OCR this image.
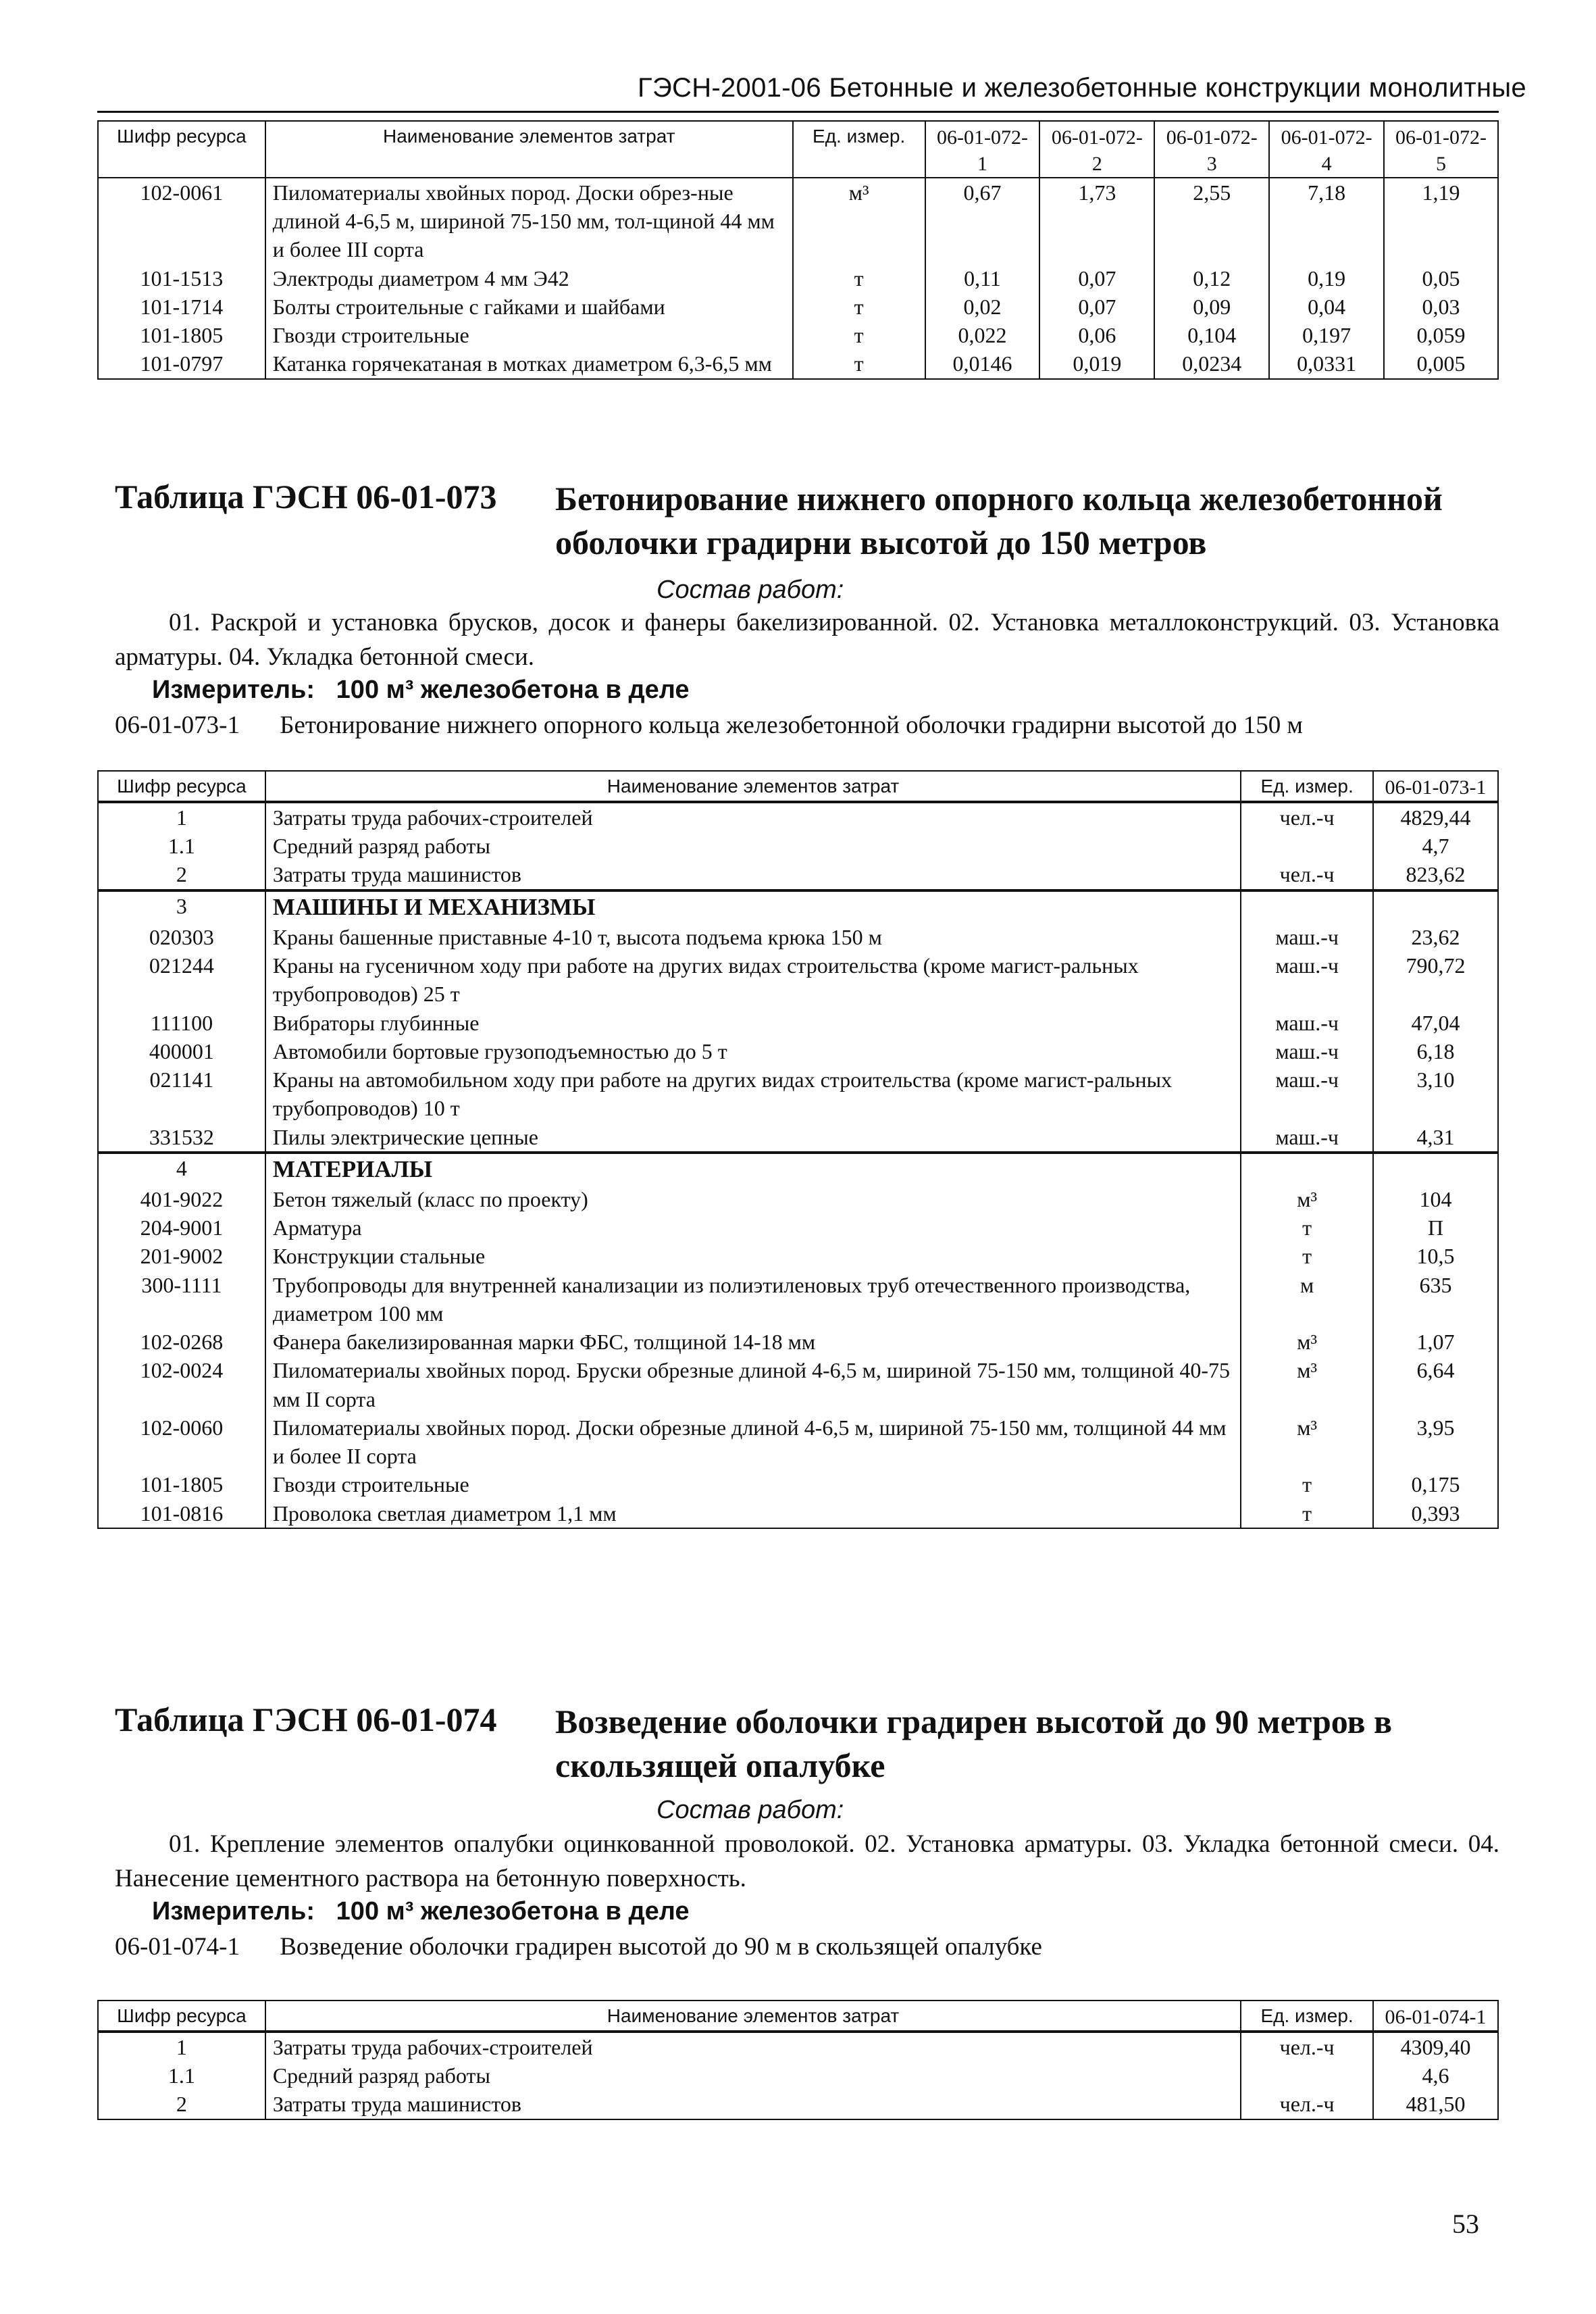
ГЭСН-2001-06 Бетонные и железобетонные конструкции монолитные
Шифр ресурса	Наименование элементов затрат	Ед. измер.	06-01-072-1	06-01-072-2	06-01-072-3	06-01-072-4	06-01-072-5
102-0061	Пиломатериалы хвойных пород. Доски обрез-ные длиной 4-6,5 м, шириной 75-150 мм, тол-щиной 44 мм и более III сорта	м³	0,67	1,73	2,55	7,18	1,19
101-1513	Электроды диаметром 4 мм Э42	т	0,11	0,07	0,12	0,19	0,05
101-1714	Болты строительные с гайками и шайбами	т	0,02	0,07	0,09	0,04	0,03
101-1805	Гвозди строительные	т	0,022	0,06	0,104	0,197	0,059
101-0797	Катанка горячекатаная в мотках диаметром 6,3-6,5 мм	т	0,0146	0,019	0,0234	0,0331	0,005
Таблица ГЭСН 06-01-073 Бетонирование нижнего опорного кольца железобетонной оболочки градирни высотой до 150 метров
Состав работ:
01. Раскрой и установка брусков, досок и фанеры бакелизированной. 02. Установка металлоконструкций. 03. Установка арматуры. 04. Укладка бетонной смеси.
Измеритель: 100 м³ железобетона в деле
06-01-073-1 Бетонирование нижнего опорного кольца железобетонной оболочки градирни высотой до 150 м
Шифр ресурса	Наименование элементов затрат	Ед. измер.	06-01-073-1
1	Затраты труда рабочих-строителей	чел.-ч	4829,44
1.1	Средний разряд работы		4,7
2	Затраты труда машинистов	чел.-ч	823,62
3	МАШИНЫ И МЕХАНИЗМЫ		
020303	Краны башенные приставные 4-10 т, высота подъема крюка 150 м	маш.-ч	23,62
021244	Краны на гусеничном ходу при работе на других видах строительства (кроме магист-ральных трубопроводов) 25 т	маш.-ч	790,72
111100	Вибраторы глубинные	маш.-ч	47,04
400001	Автомобили бортовые грузоподъемностью до 5 т	маш.-ч	6,18
021141	Краны на автомобильном ходу при работе на других видах строительства (кроме магист-ральных трубопроводов) 10 т	маш.-ч	3,10
331532	Пилы электрические цепные	маш.-ч	4,31
4	МАТЕРИАЛЫ		
401-9022	Бетон тяжелый (класс по проекту)	м³	104
204-9001	Арматура	т	П
201-9002	Конструкции стальные	т	10,5
300-1111	Трубопроводы для внутренней канализации из полиэтиленовых труб отечественного производства, диаметром 100 мм	м	635
102-0268	Фанера бакелизированная марки ФБС, толщиной 14-18 мм	м³	1,07
102-0024	Пиломатериалы хвойных пород. Бруски обрезные длиной 4-6,5 м, шириной 75-150 мм, толщиной 40-75 мм II сорта	м³	6,64
102-0060	Пиломатериалы хвойных пород. Доски обрезные длиной 4-6,5 м, шириной 75-150 мм, толщиной 44 мм и более II сорта	м³	3,95
101-1805	Гвозди строительные	т	0,175
101-0816	Проволока светлая диаметром 1,1 мм	т	0,393
Таблица ГЭСН 06-01-074 Возведение оболочки градирен высотой до 90 метров в скользящей опалубке
Состав работ:
01. Крепление элементов опалубки оцинкованной проволокой. 02. Установка арматуры. 03. Укладка бетонной смеси. 04. Нанесение цементного раствора на бетонную поверхность.
Измеритель: 100 м³ железобетона в деле
06-01-074-1 Возведение оболочки градирен высотой до 90 м в скользящей опалубке
Шифр ресурса	Наименование элементов затрат	Ед. измер.	06-01-074-1
1	Затраты труда рабочих-строителей	чел.-ч	4309,40
1.1	Средний разряд работы		4,6
2	Затраты труда машинистов	чел.-ч	481,50
53
